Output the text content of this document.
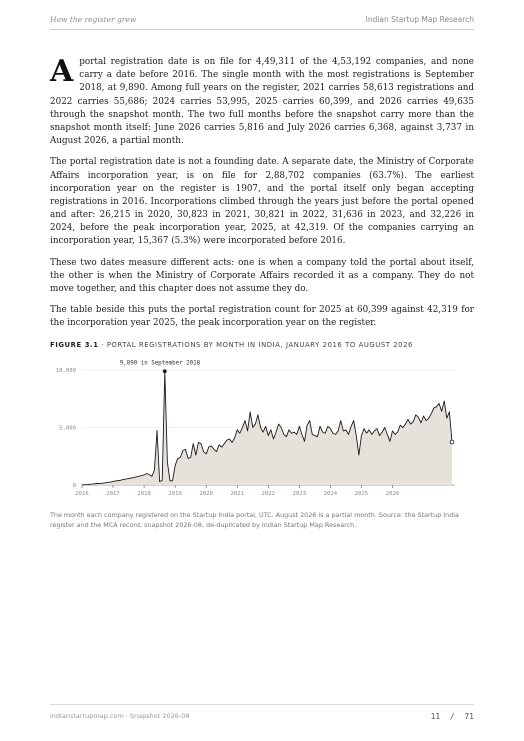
How the register grew	Indian Startup Map Research

Aportal registration date is on file for 4,49,311 of the 4,53,192 companies, and none carry a date before 2016. The single month with the most registrations is September 2018, at 9,890. Among full years on the register, 2021 carries 58,613 registrations and 2022 carries 55,686; 2024 carries 53,995, 2025 carries 60,399, and 2026 carries 49,635 through the snapshot month. The two full months before the snapshot carry more than the snapshot month itself: June 2026 carries 5,816 and July 2026 carries 6,368, against 3,737 in August 2026, a partial month.

The portal registration date is not a founding date. A separate date, the Ministry of Corporate Affairs incorporation year, is on file for 2,88,702 companies (63.7%). The earliest incorporation year on the register is 1907, and the portal itself only began accepting registrations in 2016. Incorporations climbed through the years just before the portal opened and after: 26,215 in 2020, 30,823 in 2021, 30,821 in 2022, 31,636 in 2023, and 32,226 in 2024, before the peak incorporation year, 2025, at 42,319. Of the companies carrying an incorporation year, 15,367 (5.3%) were incorporated before 2016.

These two dates measure different acts: one is when a company told the portal about itself, the other is when the Ministry of Corporate Affairs recorded it as a company. They do not move together, and this chapter does not assume they do.

The table beside this puts the portal registration count for 2025 at 60,399 against 42,319 for the incorporation year 2025, the peak incorporation year on the register.

FIGURE 3.1 · PORTAL REGISTRATIONS BY MONTH IN INDIA, JANUARY 2016 TO AUGUST 2026
0
5,000
10,000
2016	2017	2018	2019	2020	2021	2022	2023	2024	2025	2026
9,890 in September 2018
The month each company registered on the Startup India portal, UTC. August 2026 is a partial month. Source: the Startup India register and the MCA record, snapshot 2026-08, de-duplicated by Indian Startup Map Research.
indianstartupmap.com · Snapshot 2026-08	11 / 71
